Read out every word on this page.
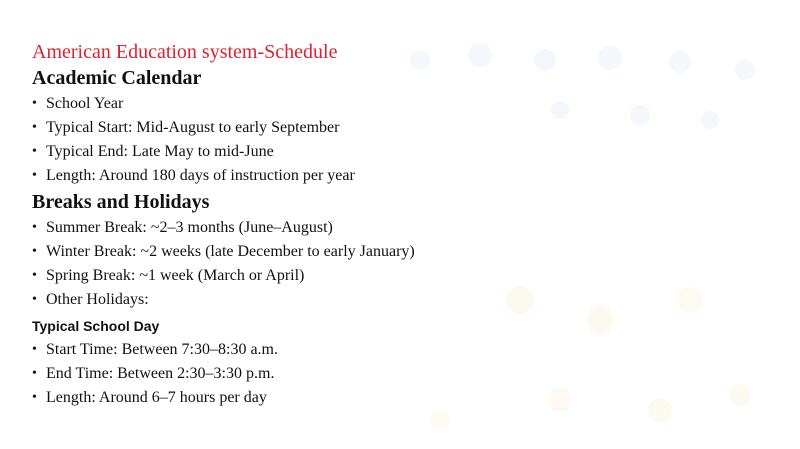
American Education system-Schedule

Academic Calendar

• School Year
• Typical Start: Mid-August to early September
• Typical End: Late May to mid-June
• Length: Around 180 days of instruction per year

Breaks and Holidays

• Summer Break: ~2–3 months (June–August)
• Winter Break: ~2 weeks (late December to early January)
• Spring Break: ~1 week (March or April)
• Other Holidays:

Typical School Day

• Start Time: Between 7:30–8:30 a.m.
• End Time: Between 2:30–3:30 p.m.
• Length: Around 6–7 hours per day
